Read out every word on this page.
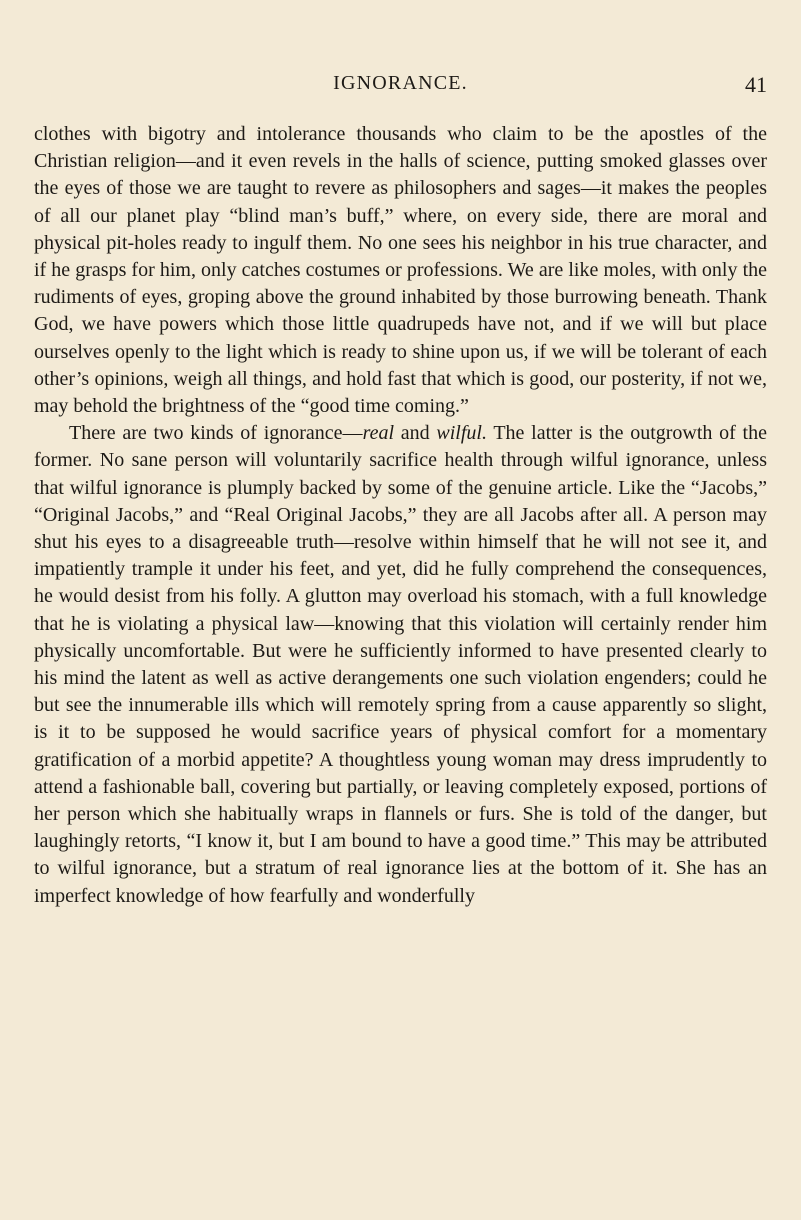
IGNORANCE.	41

clothes with bigotry and intolerance thousands who claim to be the apostles of the Christian religion—and it even revels in the halls of science, putting smoked glasses over the eyes of those we are taught to revere as philosophers and sages—it makes the peoples of all our planet play “blind man’s buff,” where, on every side, there are moral and physical pit-holes ready to ingulf them. No one sees his neighbor in his true character, and if he grasps for him, only catches costumes or professions. We are like moles, with only the rudiments of eyes, groping above the ground inhabited by those burrowing beneath. Thank God, we have powers which those little quadrupeds have not, and if we will but place ourselves openly to the light which is ready to shine upon us, if we will be tolerant of each other’s opinions, weigh all things, and hold fast that which is good, our posterity, if not we, may behold the brightness of the “good time coming.”

There are two kinds of ignorance—real and wilful. The latter is the outgrowth of the former. No sane person will voluntarily sacrifice health through wilful ignorance, unless that wilful ignorance is plumply backed by some of the genuine article. Like the “Jacobs,” “Original Jacobs,” and “Real Original Jacobs,” they are all Jacobs after all. A person may shut his eyes to a disagreeable truth—resolve within himself that he will not see it, and impatiently trample it under his feet, and yet, did he fully comprehend the consequences, he would desist from his folly. A glutton may overload his stomach, with a full knowledge that he is violating a physical law—knowing that this violation will certainly render him physically uncomfortable. But were he sufficiently informed to have presented clearly to his mind the latent as well as active derangements one such violation engenders; could he but see the innumerable ills which will remotely spring from a cause apparently so slight, is it to be supposed he would sacrifice years of physical comfort for a momentary gratification of a morbid appetite? A thoughtless young woman may dress imprudently to attend a fashionable ball, covering but partially, or leaving completely exposed, portions of her person which she habitually wraps in flannels or furs. She is told of the danger, but laughingly retorts, “I know it, but I am bound to have a good time.” This may be attributed to wilful ignorance, but a stratum of real ignorance lies at the bottom of it. She has an imperfect knowledge of how fearfully and wonderfully
